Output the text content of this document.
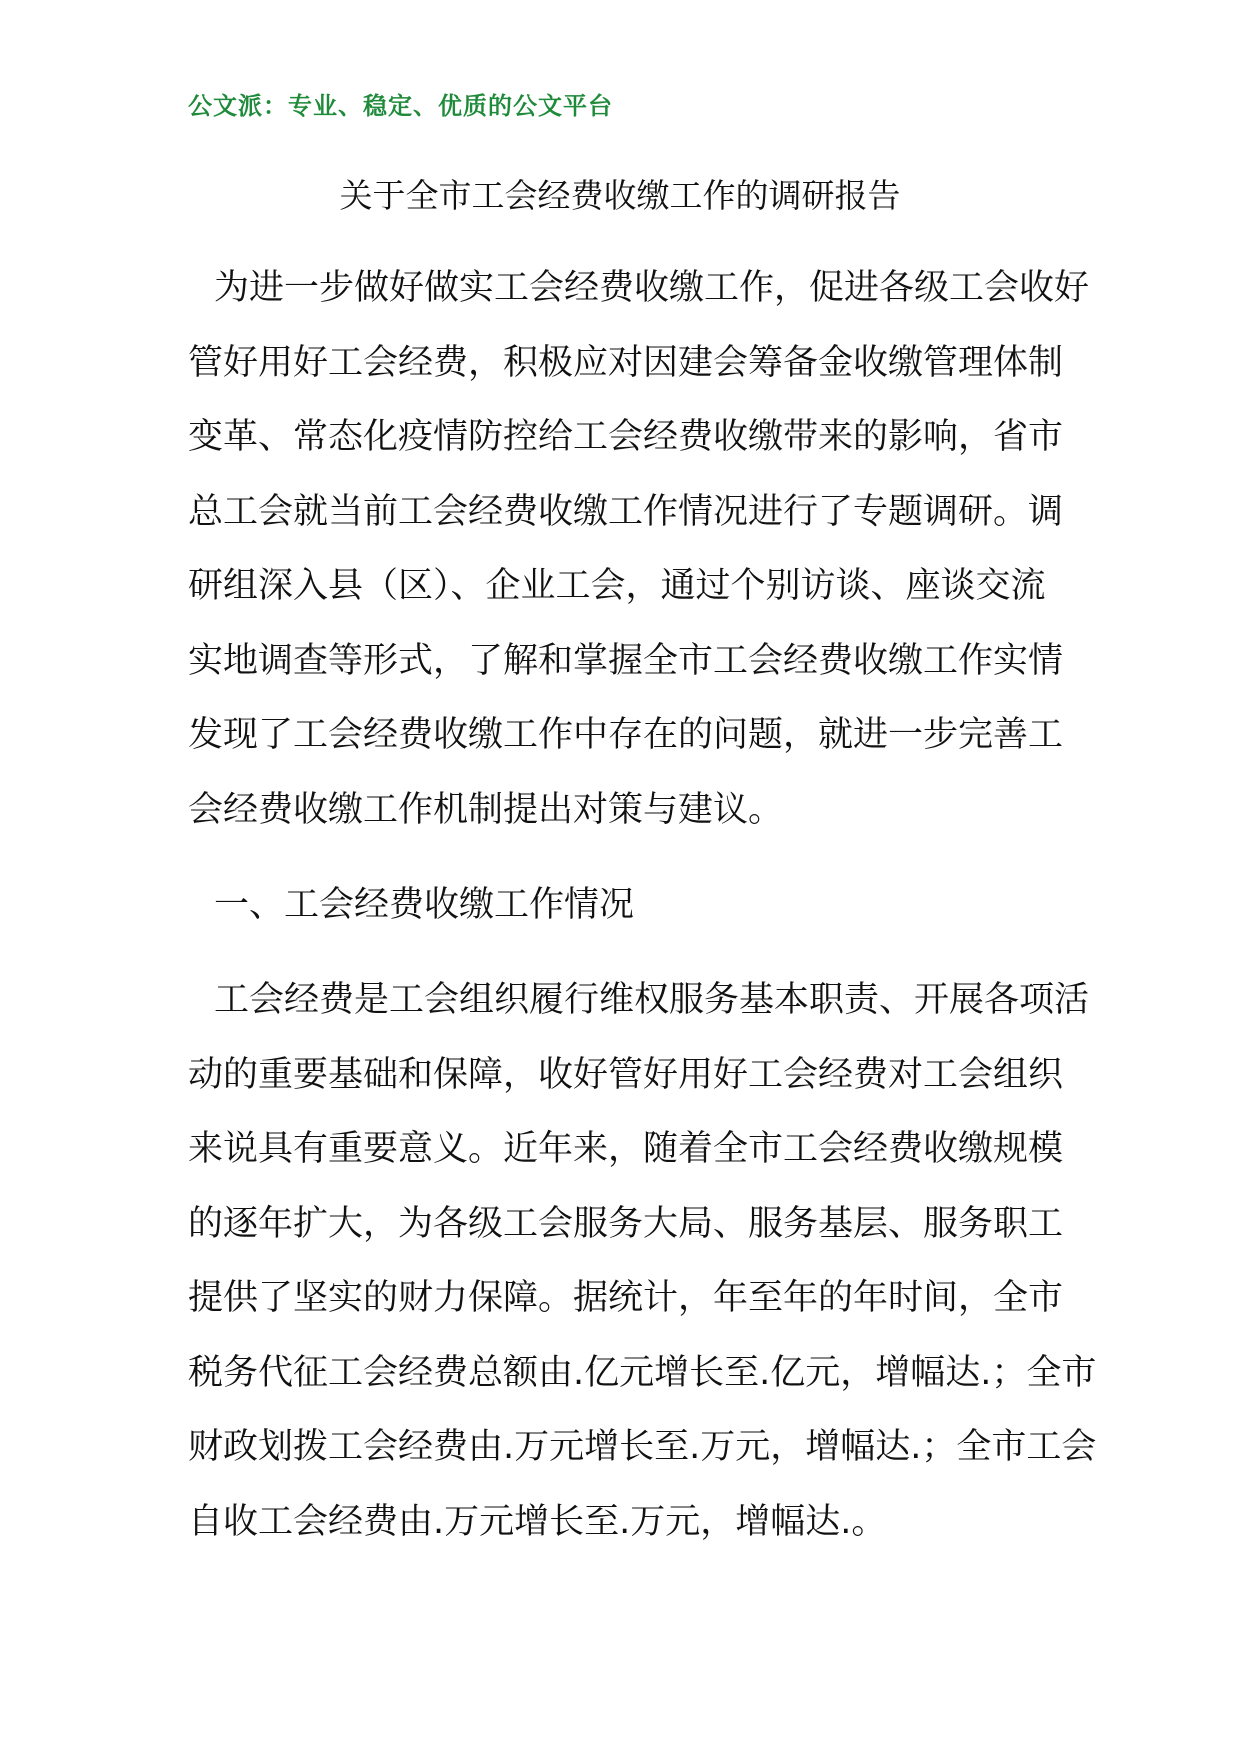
公文派：专业、稳定、优质的公文平台
关于全市工会经费收缴工作的调研报告
为进一步做好做实工会经费收缴工作，促进各级工会收好
管好用好工会经费，积极应对因建会筹备金收缴管理体制
变革、常态化疫情防控给工会经费收缴带来的影响，省市
总工会就当前工会经费收缴工作情况进行了专题调研。调
研组深入县（区）、企业工会，通过个别访谈、座谈交流
实地调查等形式，了解和掌握全市工会经费收缴工作实情
发现了工会经费收缴工作中存在的问题，就进一步完善工
会经费收缴工作机制提出对策与建议。
一、工会经费收缴工作情况
工会经费是工会组织履行维权服务基本职责、开展各项活
动的重要基础和保障，收好管好用好工会经费对工会组织
来说具有重要意义。近年来，随着全市工会经费收缴规模
的逐年扩大，为各级工会服务大局、服务基层、服务职工
提供了坚实的财力保障。据统计，年至年的年时间，全市
税务代征工会经费总额由.亿元增长至.亿元，增幅达.；全市
财政划拨工会经费由.万元增长至.万元，增幅达.；全市工会
自收工会经费由.万元增长至.万元，增幅达.。
